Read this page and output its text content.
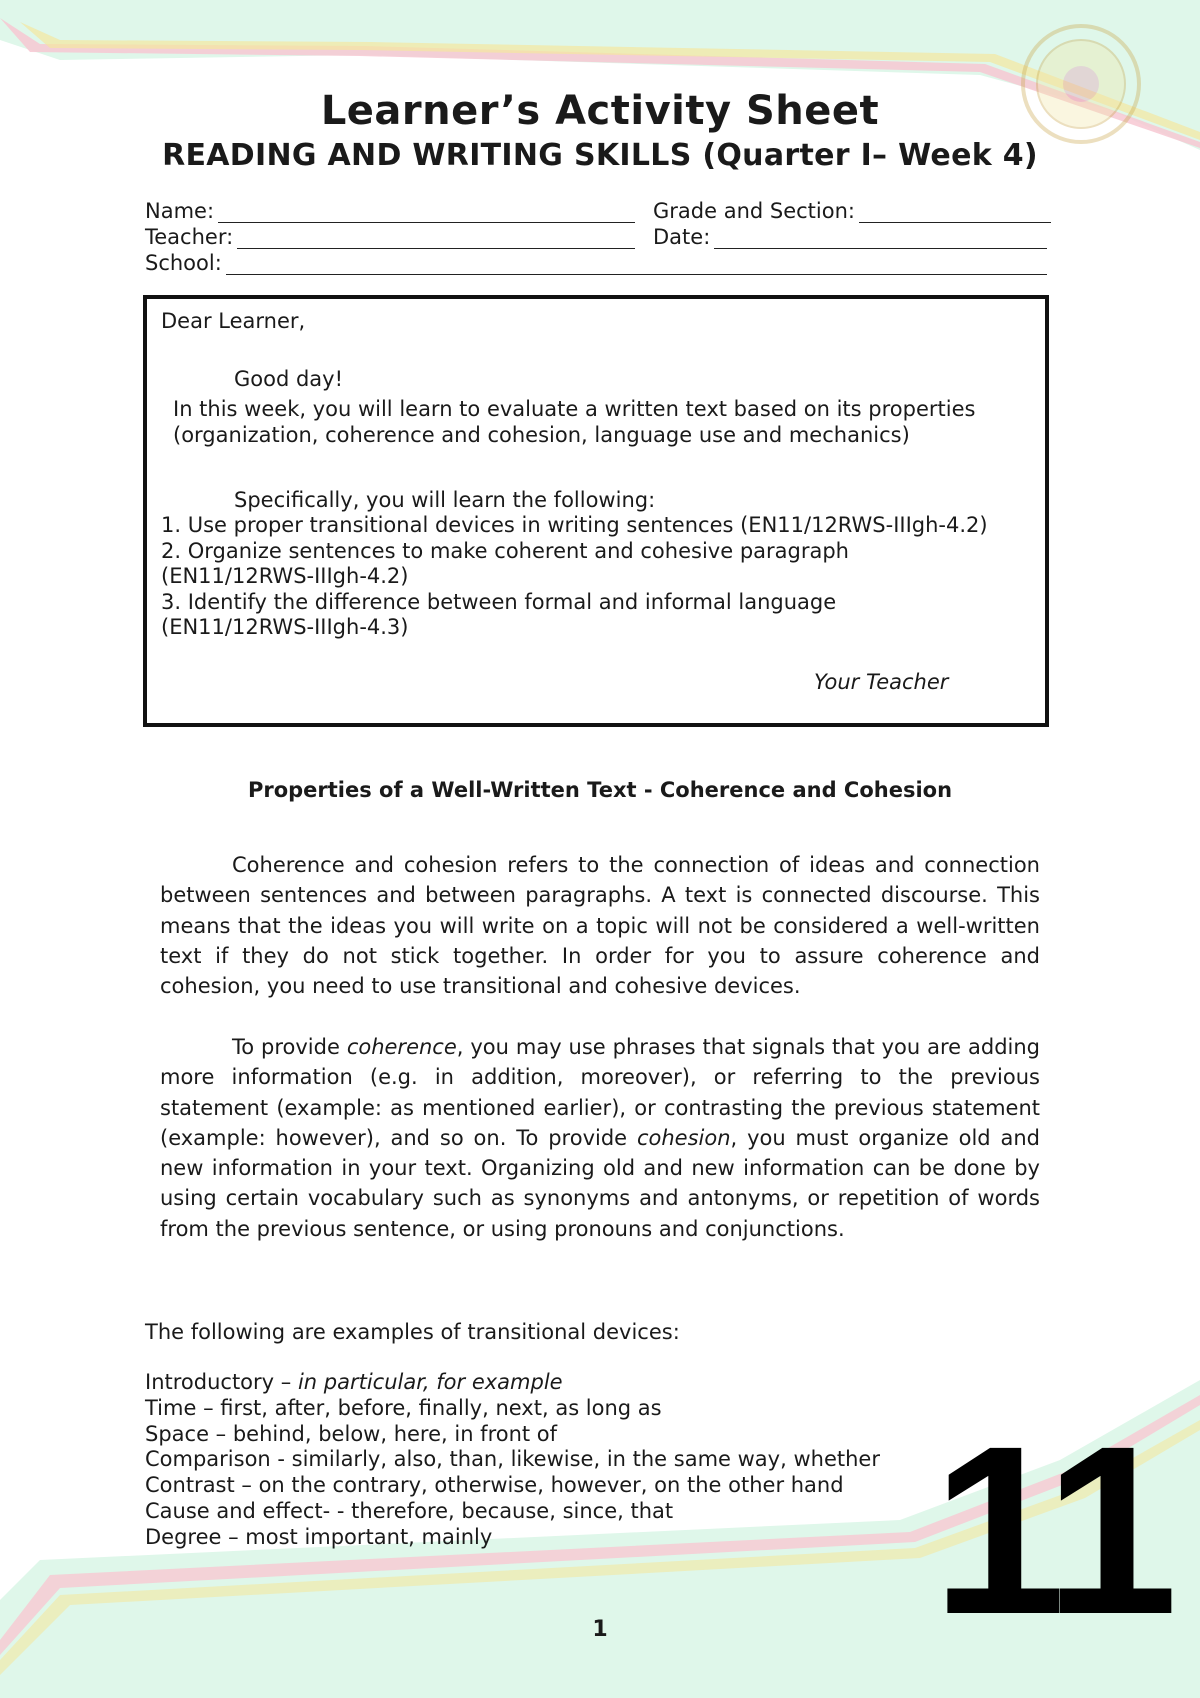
Learner’s Activity Sheet
READING AND WRITING SKILLS (Quarter I– Week 4)
Name:	Grade and Section:
Teacher:	Date:
School:
Dear Learner,
Good day!
In this week, you will learn to evaluate a written text based on its properties
(organization, coherence and cohesion, language use and mechanics)
Specifically, you will learn the following:
1. Use proper transitional devices in writing sentences (EN11/12RWS-IIIgh-4.2)
2. Organize sentences to make coherent and cohesive paragraph
(EN11/12RWS-IIIgh-4.2)
3. Identify the difference between formal and informal language
(EN11/12RWS-IIIgh-4.3)
Your Teacher
Properties of a Well-Written Text - Coherence and Cohesion

Coherence and cohesion refers to the connection of ideas and connection between sentences and between paragraphs. A text is connected discourse. This means that the ideas you will write on a topic will not be considered a well-written text if they do not stick together. In order for you to assure coherence and cohesion, you need to use transitional and cohesive devices.

To provide coherence, you may use phrases that signals that you are adding more information (e.g. in addition, moreover), or referring to the previous statement (example: as mentioned earlier), or contrasting the previous statement (example: however), and so on. To provide cohesion, you must organize old and new information in your text. Organizing old and new information can be done by using certain vocabulary such as synonyms and antonyms, or repetition of words from the previous sentence, or using pronouns and conjunctions.

The following are examples of transitional devices:
Introductory – in particular, for example
Time – first, after, before, finally, next, as long as
Space – behind, below, here, in front of
Comparison - similarly, also, than, likewise, in the same way, whether
Contrast – on the contrary, otherwise, however, on the other hand
Cause and effect- - therefore, because, since, that
Degree – most important, mainly	11
1
